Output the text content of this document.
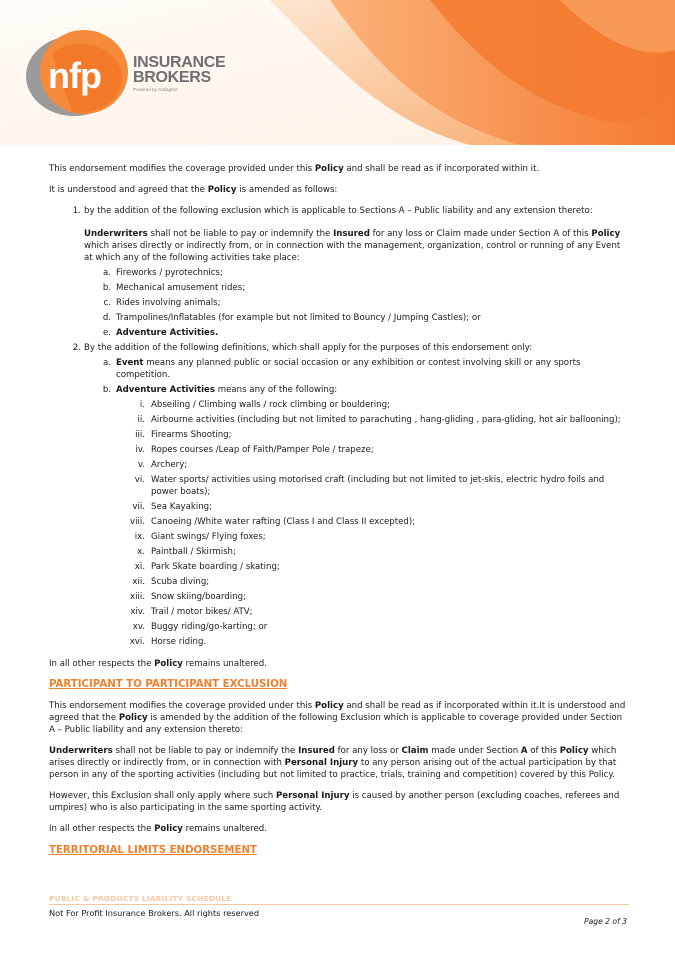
nfp INSURANCE
BROKERS
Powered by Gallagher

This endorsement modifies the coverage provided under this Policy and shall be read as if incorporated within it.

It is understood and agreed that the Policy is amended as follows:

1. by the addition of the following exclusion which is applicable to Sections A – Public liability and any extension thereto:

Underwriters shall not be liable to pay or indemnify the Insured for any loss or Claim made under Section A of this Policy which arises directly or indirectly from, or in connection with the management, organization, control or running of any Event at which any of the following activities take place:

a. Fireworks / pyrotechnics;
b. Mechanical amusement rides;
c. Rides involving animals;
d. Trampolines/Inflatables (for example but not limited to Bouncy / Jumping Castles); or
e. Adventure Activities.
2. By the addition of the following definitions, which shall apply for the purposes of this endorsement only:
a. Event means any planned public or social occasion or any exhibition or contest involving skill or any sports competition.
b. Adventure Activities means any of the following:
i. Abseiling / Climbing walls / rock climbing or bouldering;
ii. Airbourne activities (including but not limited to parachuting , hang-gliding , para-gliding, hot air ballooning);
iii. Firearms Shooting;
iv. Ropes courses /Leap of Faith/Pamper Pole / trapeze;
v. Archery;
vi. Water sports/ activities using motorised craft (including but not limited to jet-skis, electric hydro foils and power boats);
vii. Sea Kayaking;
viii. Canoeing /White water rafting (Class I and Class II excepted);
ix. Giant swings/ Flying foxes;
x. Paintball / Skirmish;
xi. Park Skate boarding / skating;
xii. Scuba diving;
xiii. Snow skiing/boarding;
xiv. Trail / motor bikes/ ATV;
xv. Buggy riding/go-karting; or
xvi. Horse riding.

In all other respects the Policy remains unaltered.

PARTICIPANT TO PARTICIPANT EXCLUSION

This endorsement modifies the coverage provided under this Policy and shall be read as if incorporated within it.It is understood and agreed that the Policy is amended by the addition of the following Exclusion which is applicable to coverage provided under Section A – Public liability and any extension thereto:

Underwriters shall not be liable to pay or indemnify the Insured for any loss or Claim made under Section A of this Policy which arises directly or indirectly from, or in connection with Personal Injury to any person arising out of the actual participation by that person in any of the sporting activities (including but not limited to practice, trials, training and competition) covered by this Policy.

However, this Exclusion shall only apply where such Personal Injury is caused by another person (excluding coaches, referees and umpires) who is also participating in the same sporting activity.

In all other respects the Policy remains unaltered.

TERRITORIAL LIMITS ENDORSEMENT

PUBLIC & PRODUCTS LIABILITY SCHEDULE
Not For Profit Insurance Brokers. All rights reserved
Page 2 of 3
